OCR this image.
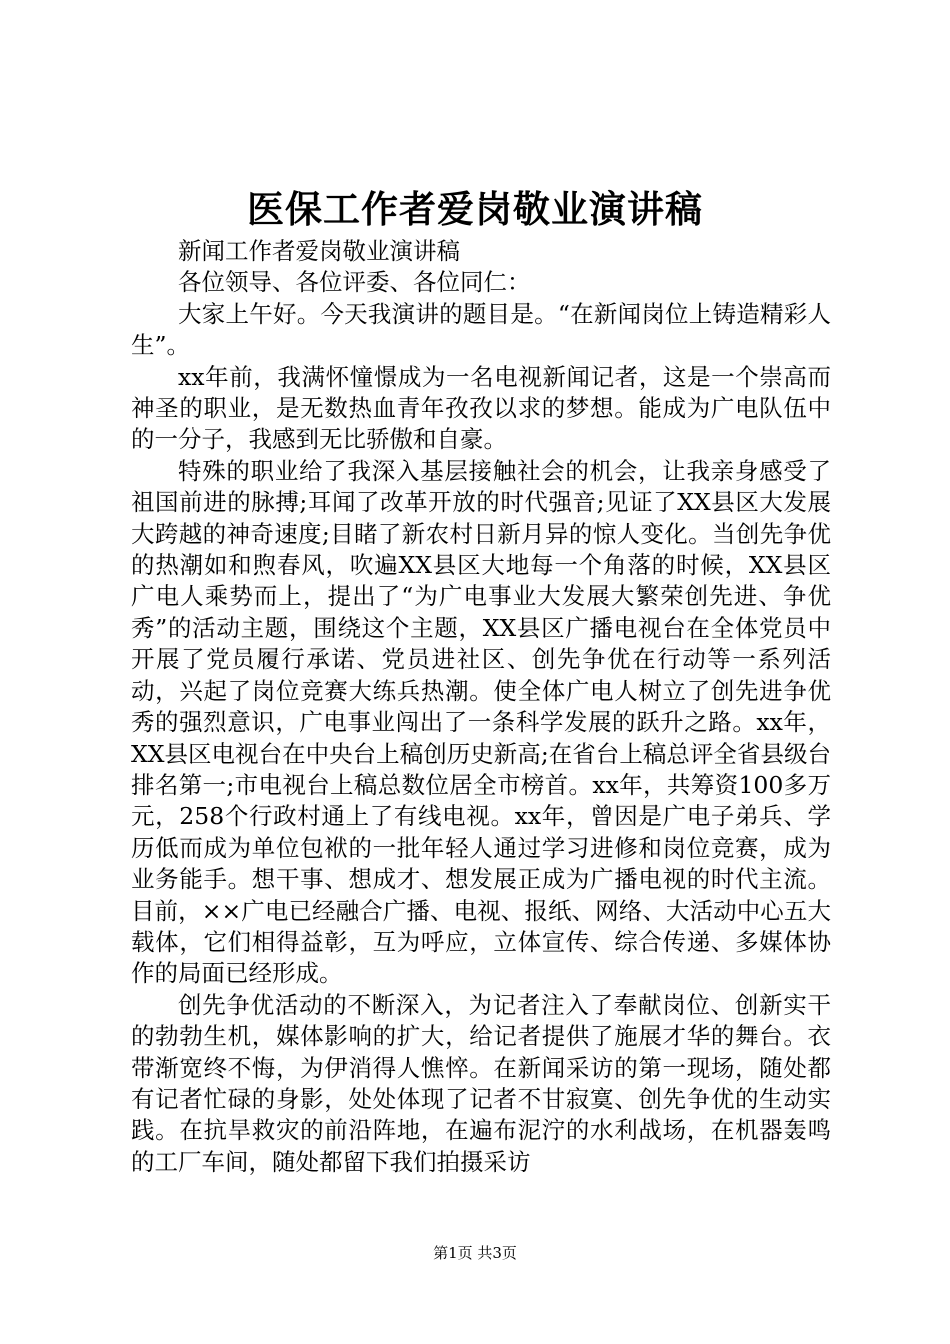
医保工作者爱岗敬业演讲稿

新闻工作者爱岗敬业演讲稿

各位领导、各位评委、各位同仁：

大家上午好。今天我演讲的题目是。“在新闻岗位上铸造精彩人生”。

xx年前，我满怀憧憬成为一名电视新闻记者，这是一个崇高而神圣的职业，是无数热血青年孜孜以求的梦想。能成为广电队伍中的一分子，我感到无比骄傲和自豪。

特殊的职业给了我深入基层接触社会的机会，让我亲身感受了祖国前进的脉搏;耳闻了改革开放的时代强音;见证了XX县区大发展大跨越的神奇速度;目睹了新农村日新月异的惊人变化。当创先争优的热潮如和煦春风，吹遍XX县区大地每一个角落的时候，XX县区广电人乘势而上，提出了“为广电事业大发展大繁荣创先进、争优秀”的活动主题，围绕这个主题，XX县区广播电视台在全体党员中开展了党员履行承诺、党员进社区、创先争优在行动等一系列活动，兴起了岗位竞赛大练兵热潮。使全体广电人树立了创先进争优秀的强烈意识，广电事业闯出了一条科学发展的跃升之路。xx年，XX县区电视台在中央台上稿创历史新高;在省台上稿总评全省县级台排名第一;市电视台上稿总数位居全市榜首。xx年，共筹资100多万元，258个行政村通上了有线电视。xx年，曾因是广电子弟兵、学历低而成为单位包袱的一批年轻人通过学习进修和岗位竞赛，成为业务能手。想干事、想成才、想发展正成为广播电视的时代主流。目前，××广电已经融合广播、电视、报纸、网络、大活动中心五大载体，它们相得益彰，互为呼应，立体宣传、综合传递、多媒体协作的局面已经形成。

创先争优活动的不断深入，为记者注入了奉献岗位、创新实干的勃勃生机，媒体影响的扩大，给记者提供了施展才华的舞台。衣带渐宽终不悔，为伊消得人憔悴。在新闻采访的第一现场，随处都有记者忙碌的身影，处处体现了记者不甘寂寞、创先争优的生动实践。在抗旱救灾的前沿阵地，在遍布泥泞的水利战场，在机器轰鸣的工厂车间，随处都留下我们拍摄采访

第1页 共3页
